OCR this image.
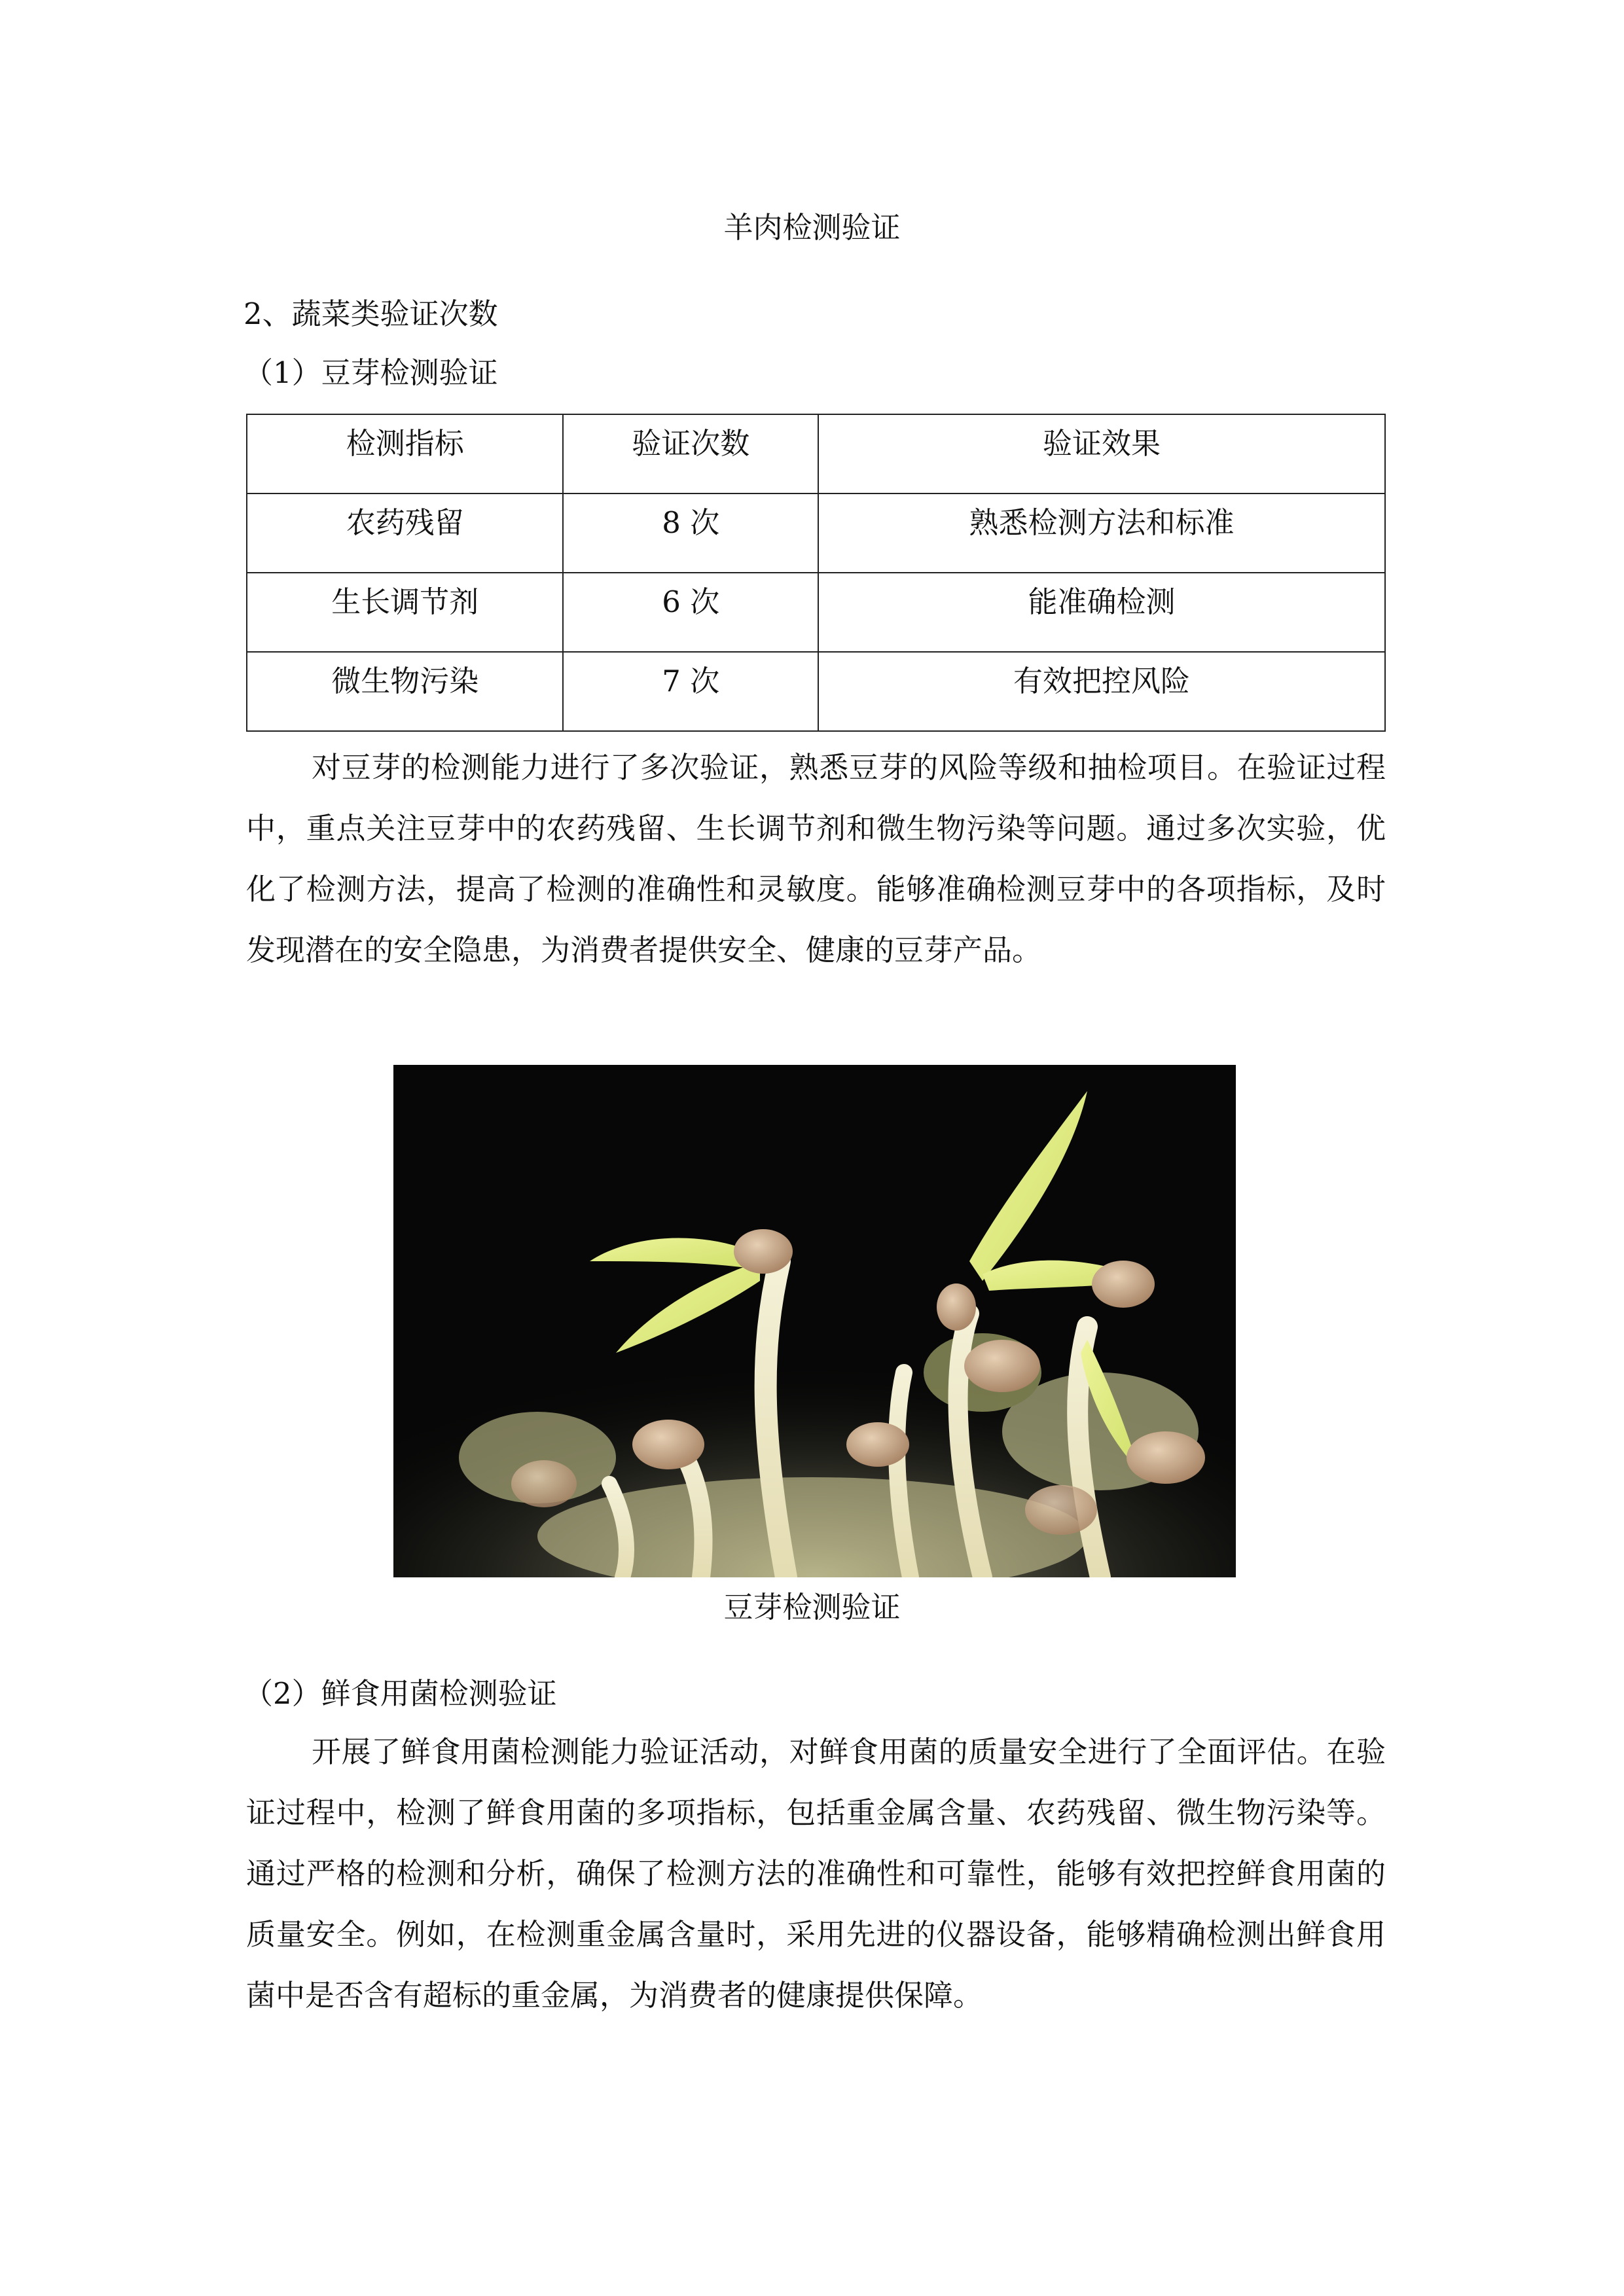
羊肉检测验证
2、蔬菜类验证次数
（1）豆芽检测验证
检测指标	验证次数	验证效果
农药残留	8 次	熟悉检测方法和标准
生长调节剂	6 次	能准确检测
微生物污染	7 次	有效把控风险

对豆芽的检测能力进行了多次验证，熟悉豆芽的风险等级和抽检项目。在验证过程中，重点关注豆芽中的农药残留、生长调节剂和微生物污染等问题。通过多次实验，优化了检测方法，提高了检测的准确性和灵敏度。能够准确检测豆芽中的各项指标，及时发现潜在的安全隐患，为消费者提供安全、健康的豆芽产品。

豆芽检测验证
（2）鲜食用菌检测验证

开展了鲜食用菌检测能力验证活动，对鲜食用菌的质量安全进行了全面评估。在验证过程中，检测了鲜食用菌的多项指标，包括重金属含量、农药残留、微生物污染等。通过严格的检测和分析，确保了检测方法的准确性和可靠性，能够有效把控鲜食用菌的质量安全。例如，在检测重金属含量时，采用先进的仪器设备，能够精确检测出鲜食用菌中是否含有超标的重金属，为消费者的健康提供保障。
